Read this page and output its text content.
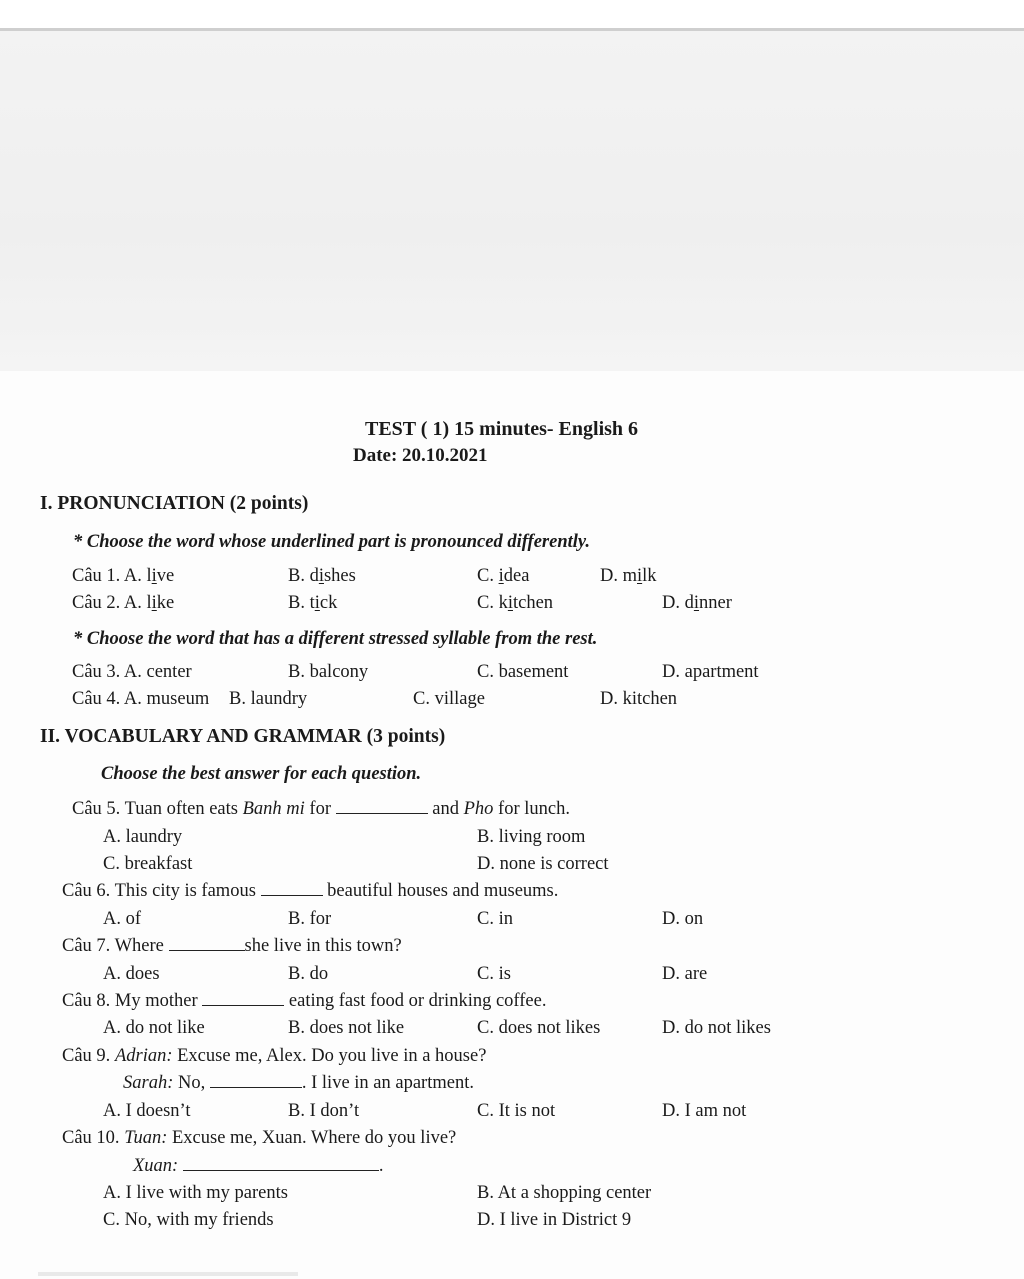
TEST ( 1) 15 minutes- English 6
Date: 20.10.2021
I. PRONUNCIATION (2 points)
* Choose the word whose underlined part is pronounced differently.
Câu 1. A. live	B. dishes	C. idea	D. milk
Câu 2. A. like	B. tick	C. kitchen	D. dinner
* Choose the word that has a different stressed syllable from the rest.
Câu 3. A. center	B. balcony	C. basement	D. apartment
Câu 4. A. museum B. laundry	C. village	D. kitchen
II. VOCABULARY AND GRAMMAR (3 points)
Choose the best answer for each question.
Câu 5. Tuan often eats Banh mi for	and Pho for lunch.
A. laundry	B. living room
C. breakfast	D. none is correct
Câu 6. This city is famous	beautiful houses and museums.
A. of	B. for	C. in	D. on
Câu 7. Where	she live in this town?
A. does	B. do	C. is	D. are
Câu 8. My mother	eating fast food or drinking coffee.
A. do not like	B. does not like	C. does not likes	D. do not likes
Câu 9. Adrian: Excuse me, Alex. Do you live in a house?
Sarah: No,	. I live in an apartment.
A. I doesn’t	B. I don’t	C. It is not	D. I am not
Câu 10. Tuan: Excuse me, Xuan. Where do you live?
Xuan:	.
A. I live with my parents	B. At a shopping center
C. No, with my friends	D. I live in District 9
